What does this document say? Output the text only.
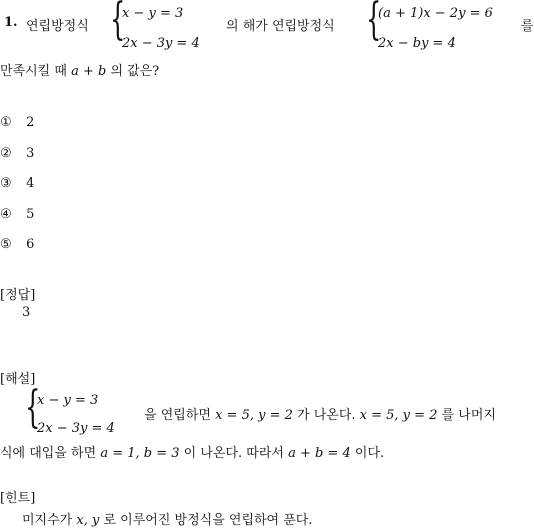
1. 연립방정식 {
x − y = 3
2x − 3y = 4
의 해가 연립방정식 {
(a + 1)x − 2y = 6
2x − by = 4
를
만족시킬 때 a + b 의 값은?
① 2
② 3
③ 4
④ 5
⑤ 6
[정답]
3
[해설]
{
x − y = 3
2x − 3y = 4
을 연립하면 x = 5, y = 2 가 나온다. x = 5, y = 2 를 나머지
식에 대입을 하면 a = 1, b = 3 이 나온다. 따라서 a + b = 4 이다.
[힌트]
미지수가 x, y 로 이루어진 방정식을 연립하여 푼다.
